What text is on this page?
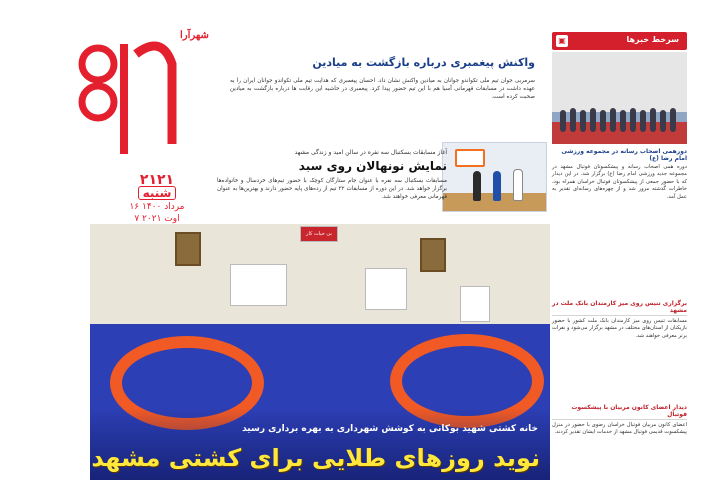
شهرآرا
۲۱۲۱
شنبه
۱۶ مرداد ۱۴۰۰
۷ اوت ۲۰۲۱
واکنش پیغمبری درباره بازگشت به میادین
سرمربی جوان تیم ملی تکواندو جوانان به میادین واکنش نشان داد. احسان پیغمبری که هدایت تیم ملی تکواندو جوانان ایران را به عهده داشت در مسابقات قهرمانی آسیا هم با این تیم حضور پیدا کرد. پیغمبری در حاشیه این رقابت ها درباره بازگشت به میادین صحبت کرده است.
آغاز مسابقات بسکتبال سه نفره در سالن امید و زندگی مشهد
نمایش نونهالان روی سبد
مسابقات بسکتبال سه نفره با عنوان جام ستارگان کوچک با حضور تیم‌های خردسال و خانواده‌ها برگزار خواهد شد. در این دوره از مسابقات ۳۲ تیم از رده‌های پایه حضور دارند و بهترین‌ها به عنوان قهرمانی معرفی خواهند شد.
بی حیات کار
خانه کشتی شهید بوکانی به کوشش شهرداری به بهره برداری رسید
نوید روزهای طلایی برای کشتی مشهد
▣	سرخط خبرها
دورهمی اصحاب رسانه در مجموعه ورزشی امام رضا (ع)
دوره همی اصحاب رسانه و پیشکسوتان فوتبال مشهد در مجموعه جدید ورزشی امام رضا (ع) برگزار شد. در این دیدار که با حضور جمعی از پیشکسوتان فوتبال خراسان همراه بود، خاطرات گذشته مرور شد و از چهره‌های رسانه‌ای تقدیر به عمل آمد.
برگزاری تنیس روی میز کارمندان بانک ملت در مشهد
مسابقات تنیس روی میز کارمندان بانک ملت کشور با حضور بازیکنان از استان‌های مختلف در مشهد برگزار می‌شود و نفرات برتر معرفی خواهند شد.
دیدار اعضای کانون مربیان با پیشکسوت فوتبال
اعضای کانون مربیان فوتبال خراسان رضوی با حضور در منزل پیشکسوت قدیمی فوتبال مشهد از خدمات ایشان تقدیر کردند.
